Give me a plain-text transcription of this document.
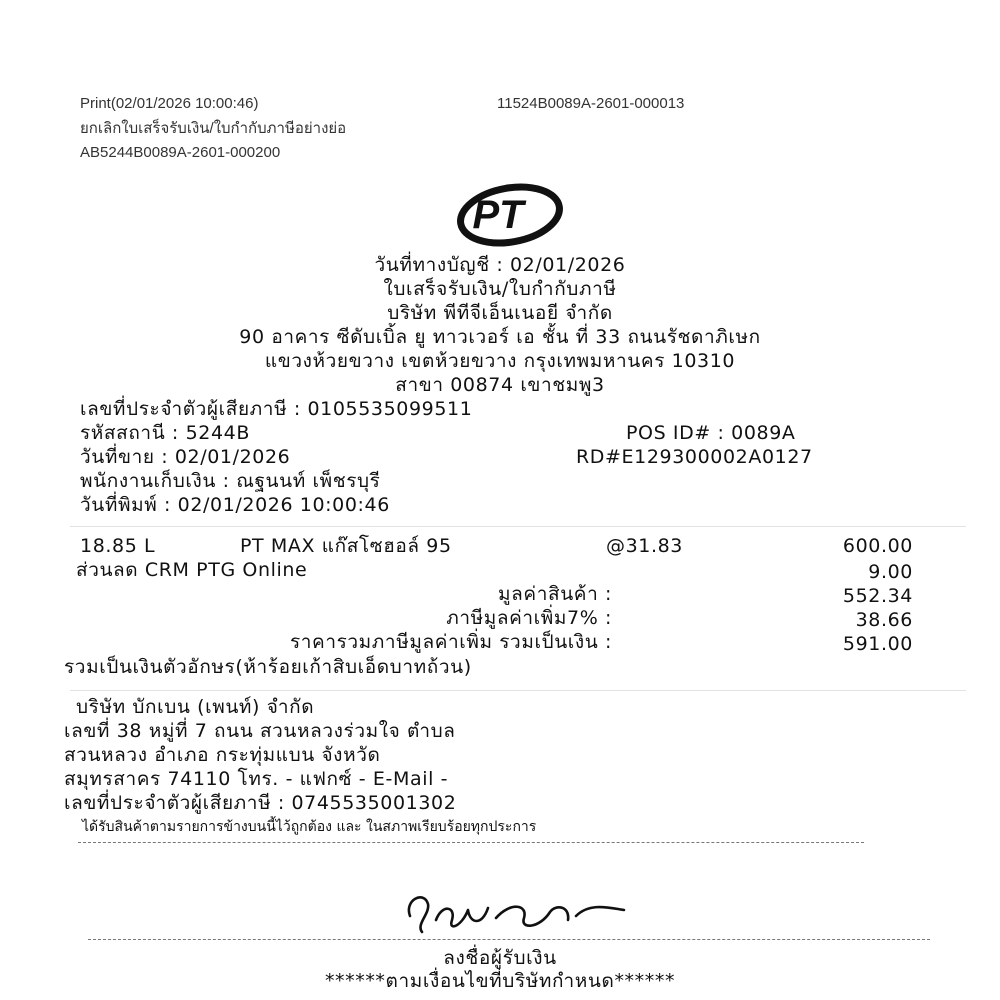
Print(02/01/2026 10:00:46)	11524B0089A-2601-000013
ยกเลิกใบเสร็จรับเงิน/ใบกำกับภาษีอย่างย่อ
AB5244B0089A-2601-000200
PT
วันที่ทางบัญชี : 02/01/2026
ใบเสร็จรับเงิน/ใบกำกับภาษี
บริษัท พีทีจีเอ็นเนอยี จำกัด
90 อาคาร ซีดับเบิ้ล ยู ทาวเวอร์ เอ ชั้น ที่ 33 ถนนรัชดาภิเษก
แขวงห้วยขวาง เขตห้วยขวาง กรุงเทพมหานคร 10310
สาขา 00874 เขาชมพู3
เลขที่ประจำตัวผู้เสียภาษี : 0105535099511
รหัสสถานี : 5244B	POS ID# : 0089A
วันที่ขาย : 02/01/2026	RD#E129300002A0127
พนักงานเก็บเงิน : ณฐนนท์ เพ็ชรบุรี
วันที่พิมพ์ : 02/01/2026 10:00:46
18.85 L	PT MAX แก๊สโซฮอล์ 95	@31.83	600.00
ส่วนลด CRM PTG Online	9.00
มูลค่าสินค้า :	552.34
ภาษีมูลค่าเพิ่ม7% :	38.66
ราคารวมภาษีมูลค่าเพิ่ม รวมเป็นเงิน :	591.00
รวมเป็นเงินตัวอักษร(ห้าร้อยเก้าสิบเอ็ดบาทถ้วน)
บริษัท บักเบน (เพนท์) จำกัด
เลขที่ 38 หมู่ที่ 7 ถนน สวนหลวงร่วมใจ ตำบล
สวนหลวง อำเภอ กระทุ่มแบน จังหวัด
สมุทรสาคร 74110 โทร. - แฟกซ์ - E-Mail -
เลขที่ประจำตัวผู้เสียภาษี : 0745535001302
ได้รับสินค้าตามรายการข้างบนนี้ไว้ถูกต้อง และ ในสภาพเรียบร้อยทุกประการ
ลงชื่อผู้รับเงิน
******ตามเงื่อนไขที่บริษัทกำหนด******
